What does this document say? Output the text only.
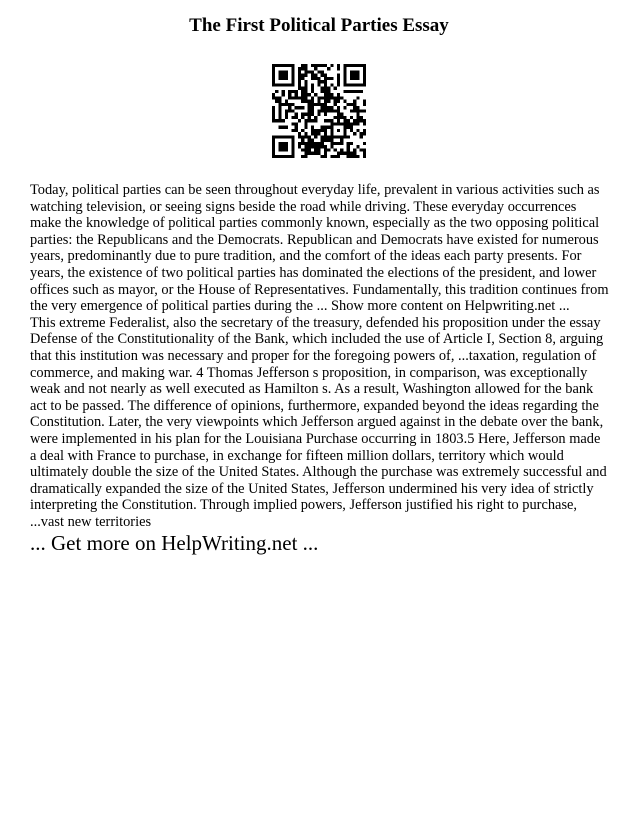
The First Political Parties Essay

Today, political parties can be seen throughout everyday life, prevalent in various activities such as watching television, or seeing signs beside the road while driving. These everyday occurrences make the knowledge of political parties commonly known, especially as the two opposing political parties: the Republicans and the Democrats. Republican and Democrats have existed for numerous years, predominantly due to pure tradition, and the comfort of the ideas each party presents. For years, the existence of two political parties has dominated the elections of the president, and lower offices such as mayor, or the House of Representatives. Fundamentally, this tradition continues from the very emergence of political parties during the ... Show more content on Helpwriting.net ...

This extreme Federalist, also the secretary of the treasury, defended his proposition under the essay Defense of the Constitutionality of the Bank, which included the use of Article I, Section 8, arguing that this institution was necessary and proper for the foregoing powers of, ...taxation, regulation of commerce, and making war. 4 Thomas Jefferson s proposition, in comparison, was exceptionally weak and not nearly as well executed as Hamilton s. As a result, Washington allowed for the bank act to be passed. The difference of opinions, furthermore, expanded beyond the ideas regarding the Constitution. Later, the very viewpoints which Jefferson argued against in the debate over the bank, were implemented in his plan for the Louisiana Purchase occurring in 1803.5 Here, Jefferson made a deal with France to purchase, in exchange for fifteen million dollars, territory which would ultimately double the size of the United States. Although the purchase was extremely successful and dramatically expanded the size of the United States, Jefferson undermined his very idea of strictly interpreting the Constitution. Through implied powers, Jefferson justified his right to purchase, ...vast new territories

... Get more on HelpWriting.net ...
